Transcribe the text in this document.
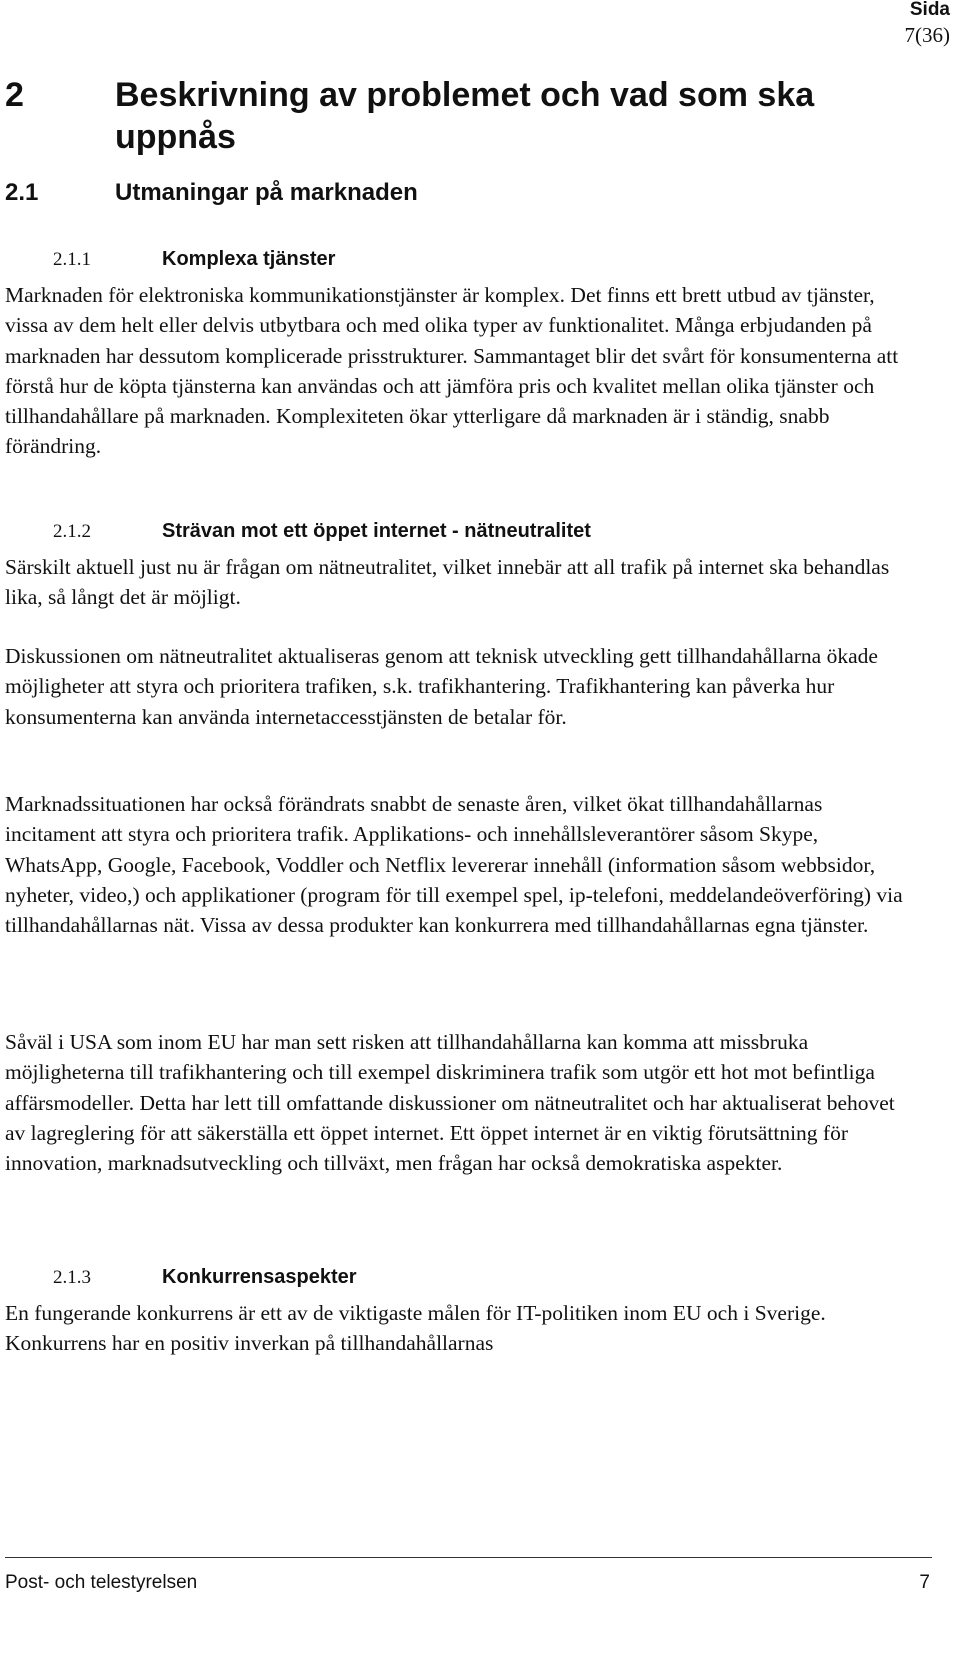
Sida
7(36)
2	Beskrivning av problemet och vad som ska uppnås
2.1	Utmaningar på marknaden
2.1.1	Komplexa tjänster

Marknaden för elektroniska kommunikationstjänster är komplex. Det finns ett brett utbud av tjänster, vissa av dem helt eller delvis utbytbara och med olika typer av funktionalitet. Många erbjudanden på marknaden har dessutom komplicerade prisstrukturer. Sammantaget blir det svårt för konsumenterna att förstå hur de köpta tjänsterna kan användas och att jämföra pris och kvalitet mellan olika tjänster och tillhandahållare på marknaden. Komplexiteten ökar ytterligare då marknaden är i ständig, snabb förändring.

2.1.2	Strävan mot ett öppet internet - nätneutralitet

Särskilt aktuell just nu är frågan om nätneutralitet, vilket innebär att all trafik på internet ska behandlas lika, så långt det är möjligt.

Diskussionen om nätneutralitet aktualiseras genom att teknisk utveckling gett tillhandahållarna ökade möjligheter att styra och prioritera trafiken, s.k. trafikhantering. Trafikhantering kan påverka hur konsumenterna kan använda internetaccesstjänsten de betalar för.

Marknadssituationen har också förändrats snabbt de senaste åren, vilket ökat tillhandahållarnas incitament att styra och prioritera trafik. Applikations- och innehållsleverantörer såsom Skype, WhatsApp, Google, Facebook, Voddler och Netflix levererar innehåll (information såsom webbsidor, nyheter, video,) och applikationer (program för till exempel spel, ip-telefoni, meddelandeöverföring) via tillhandahållarnas nät. Vissa av dessa produkter kan konkurrera med tillhandahållarnas egna tjänster.

Såväl i USA som inom EU har man sett risken att tillhandahållarna kan komma att missbruka möjligheterna till trafikhantering och till exempel diskriminera trafik som utgör ett hot mot befintliga affärsmodeller. Detta har lett till omfattande diskussioner om nätneutralitet och har aktualiserat behovet av lagreglering för att säkerställa ett öppet internet. Ett öppet internet är en viktig förutsättning för innovation, marknadsutveckling och tillväxt, men frågan har också demokratiska aspekter.

2.1.3	Konkurrensaspekter

En fungerande konkurrens är ett av de viktigaste målen för IT-politiken inom EU och i Sverige. Konkurrens har en positiv inverkan på tillhandahållarnas

Post- och telestyrelsen	7
